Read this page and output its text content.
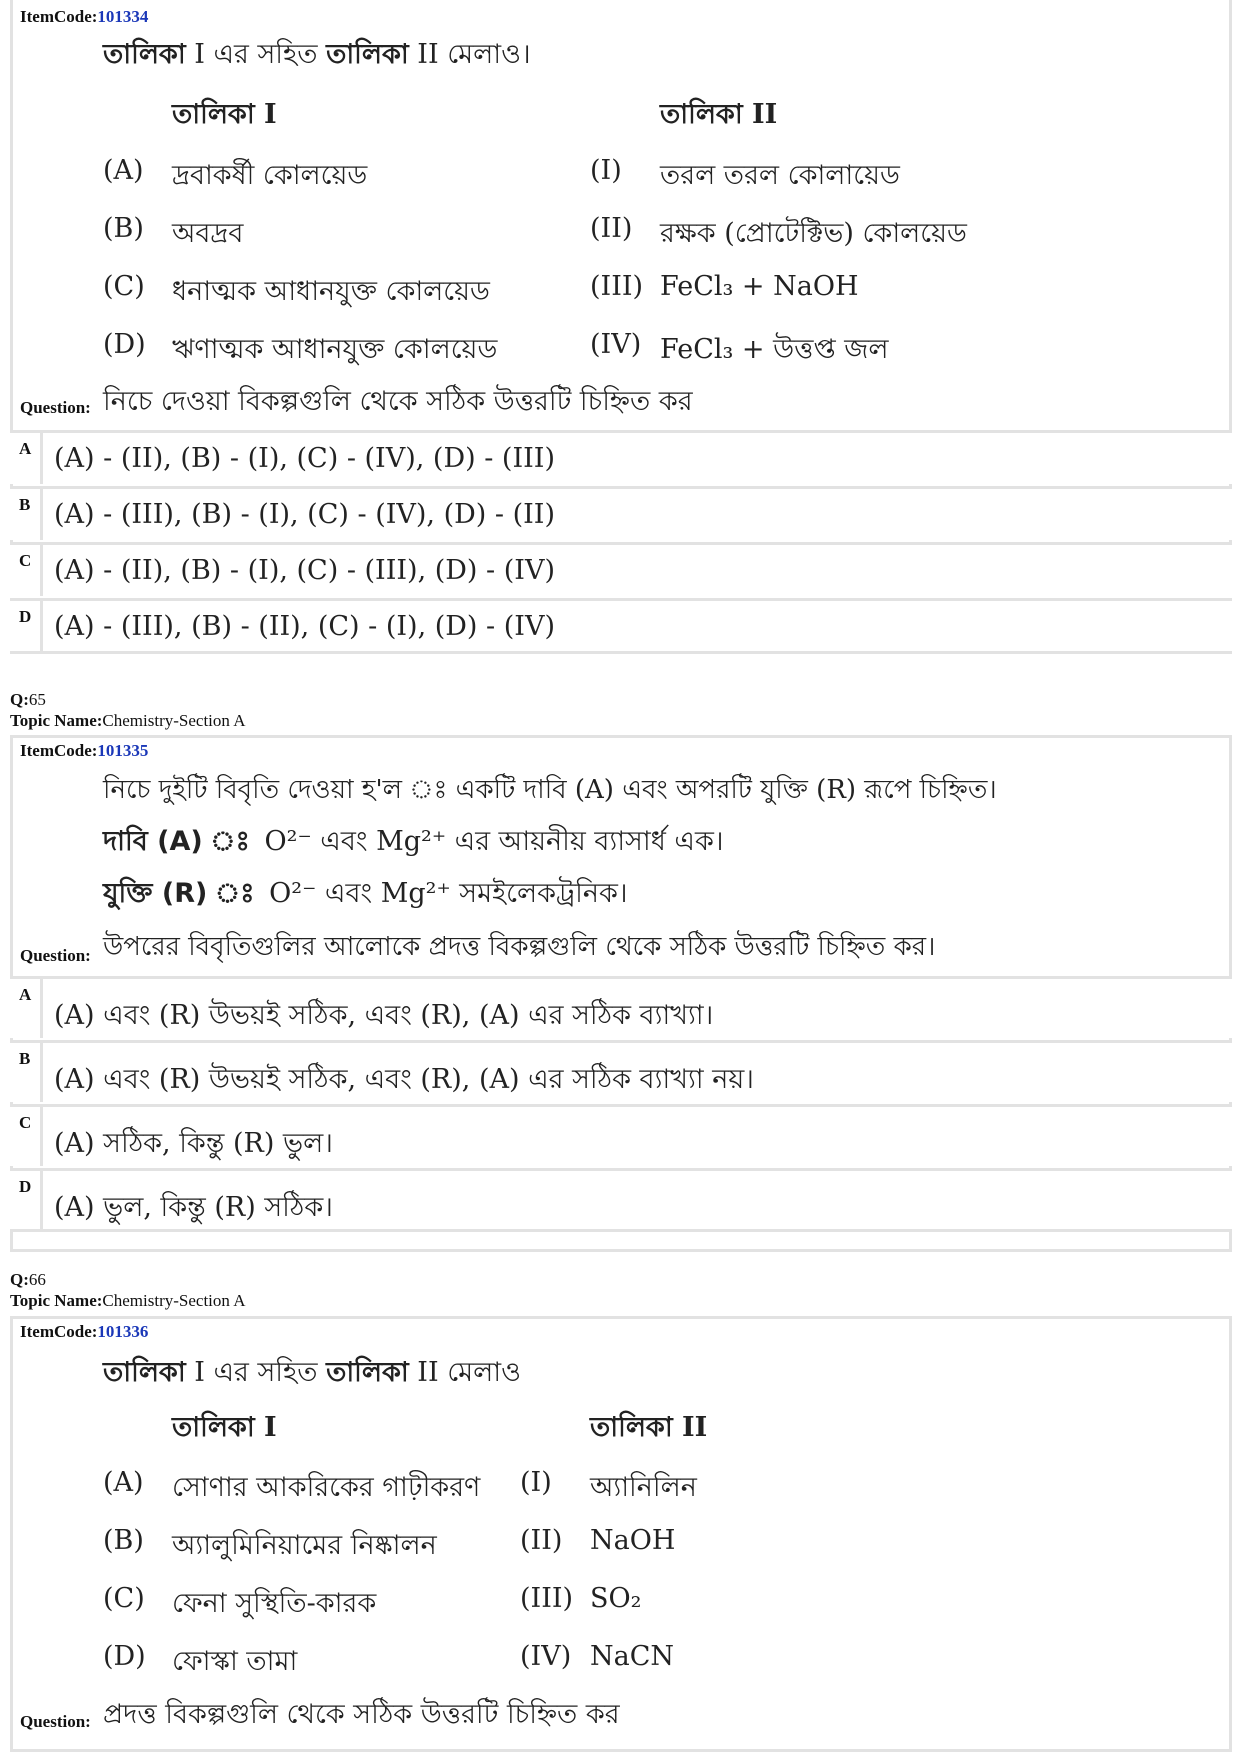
ItemCode:101334
তালিকা I এর সহিত তালিকা II মেলাও।
তালিকা I	তালিকা II
(A) দ্রবাকর্ষী কোলয়েড	(I) তরল তরল কোলায়েড
(B) অবদ্রব	(II) রক্ষক (প্রোটেক্টিভ) কোলয়েড
(C) ধনাত্মক আধানযুক্ত কোলয়েড	(III) FeCl₃ + NaOH
(D) ঋণাত্মক আধানযুক্ত কোলয়েড	(IV) FeCl₃ + উত্তপ্ত জল
Question: নিচে দেওয়া বিকল্পগুলি থেকে সঠিক উত্তরটি চিহ্নিত কর
A (A) - (II), (B) - (I), (C) - (IV), (D) - (III)
B (A) - (III), (B) - (I), (C) - (IV), (D) - (II)
C (A) - (II), (B) - (I), (C) - (III), (D) - (IV)
D (A) - (III), (B) - (II), (C) - (I), (D) - (IV)
Q:65
Topic Name:Chemistry-Section A
ItemCode:101335
নিচে দুইটি বিবৃতি দেওয়া হ'ল ঃ একটি দাবি (A) এবং অপরটি যুক্তি (R) রূপে চিহ্নিত।
দাবি (A) ঃ O²⁻ এবং Mg²⁺ এর আয়নীয় ব্যাসার্ধ এক।
যুক্তি (R) ঃ O²⁻ এবং Mg²⁺ সমইলেকট্রনিক।
Question: উপরের বিবৃতিগুলির আলোকে প্রদত্ত বিকল্পগুলি থেকে সঠিক উত্তরটি চিহ্নিত কর।
A
(A) এবং (R) উভয়ই সঠিক, এবং (R), (A) এর সঠিক ব্যাখ্যা।
B
(A) এবং (R) উভয়ই সঠিক, এবং (R), (A) এর সঠিক ব্যাখ্যা নয়।
C
(A) সঠিক, কিন্তু (R) ভুল।
D
(A) ভুল, কিন্তু (R) সঠিক।
Q:66
Topic Name:Chemistry-Section A
ItemCode:101336
তালিকা I এর সহিত তালিকা II মেলাও
তালিকা I	তালিকা II
(A) সোণার আকরিকের গাঢ়ীকরণ (I) অ্যানিলিন
(B) অ্যালুমিনিয়ামের নিষ্কালন	(II) NaOH
(C) ফেনা সুস্থিতি-কারক	(III) SO₂
(D) ফোস্কা তামা	(IV) NaCN
Question: প্রদত্ত বিকল্পগুলি থেকে সঠিক উত্তরটি চিহ্নিত কর
